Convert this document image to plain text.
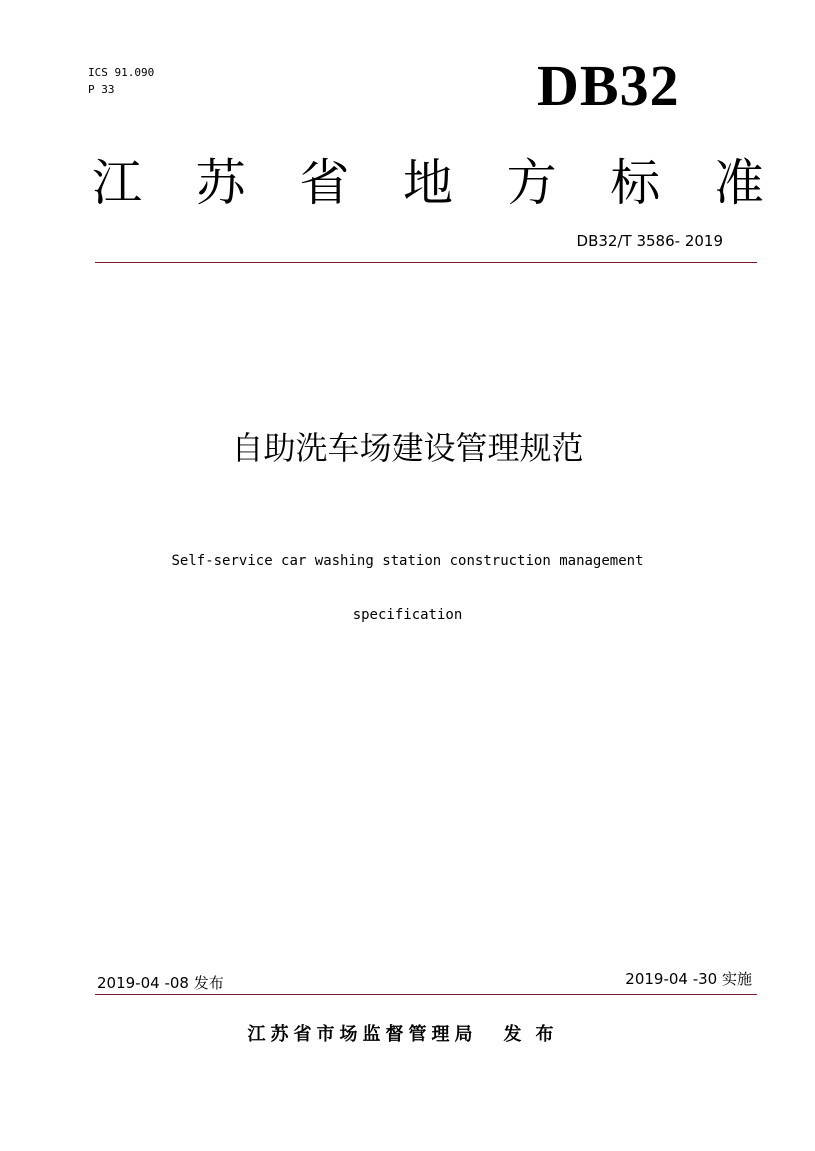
ICS 91.090
P 33	DB32
江 苏 省 地 方 标 准
DB32/T 3586- 2019
自助洗车场建设管理规范
Self-service car washing station construction management
specification
2019-04 -08 发布	2019-04 -30 实施
江苏省市场监督管理局 发布
